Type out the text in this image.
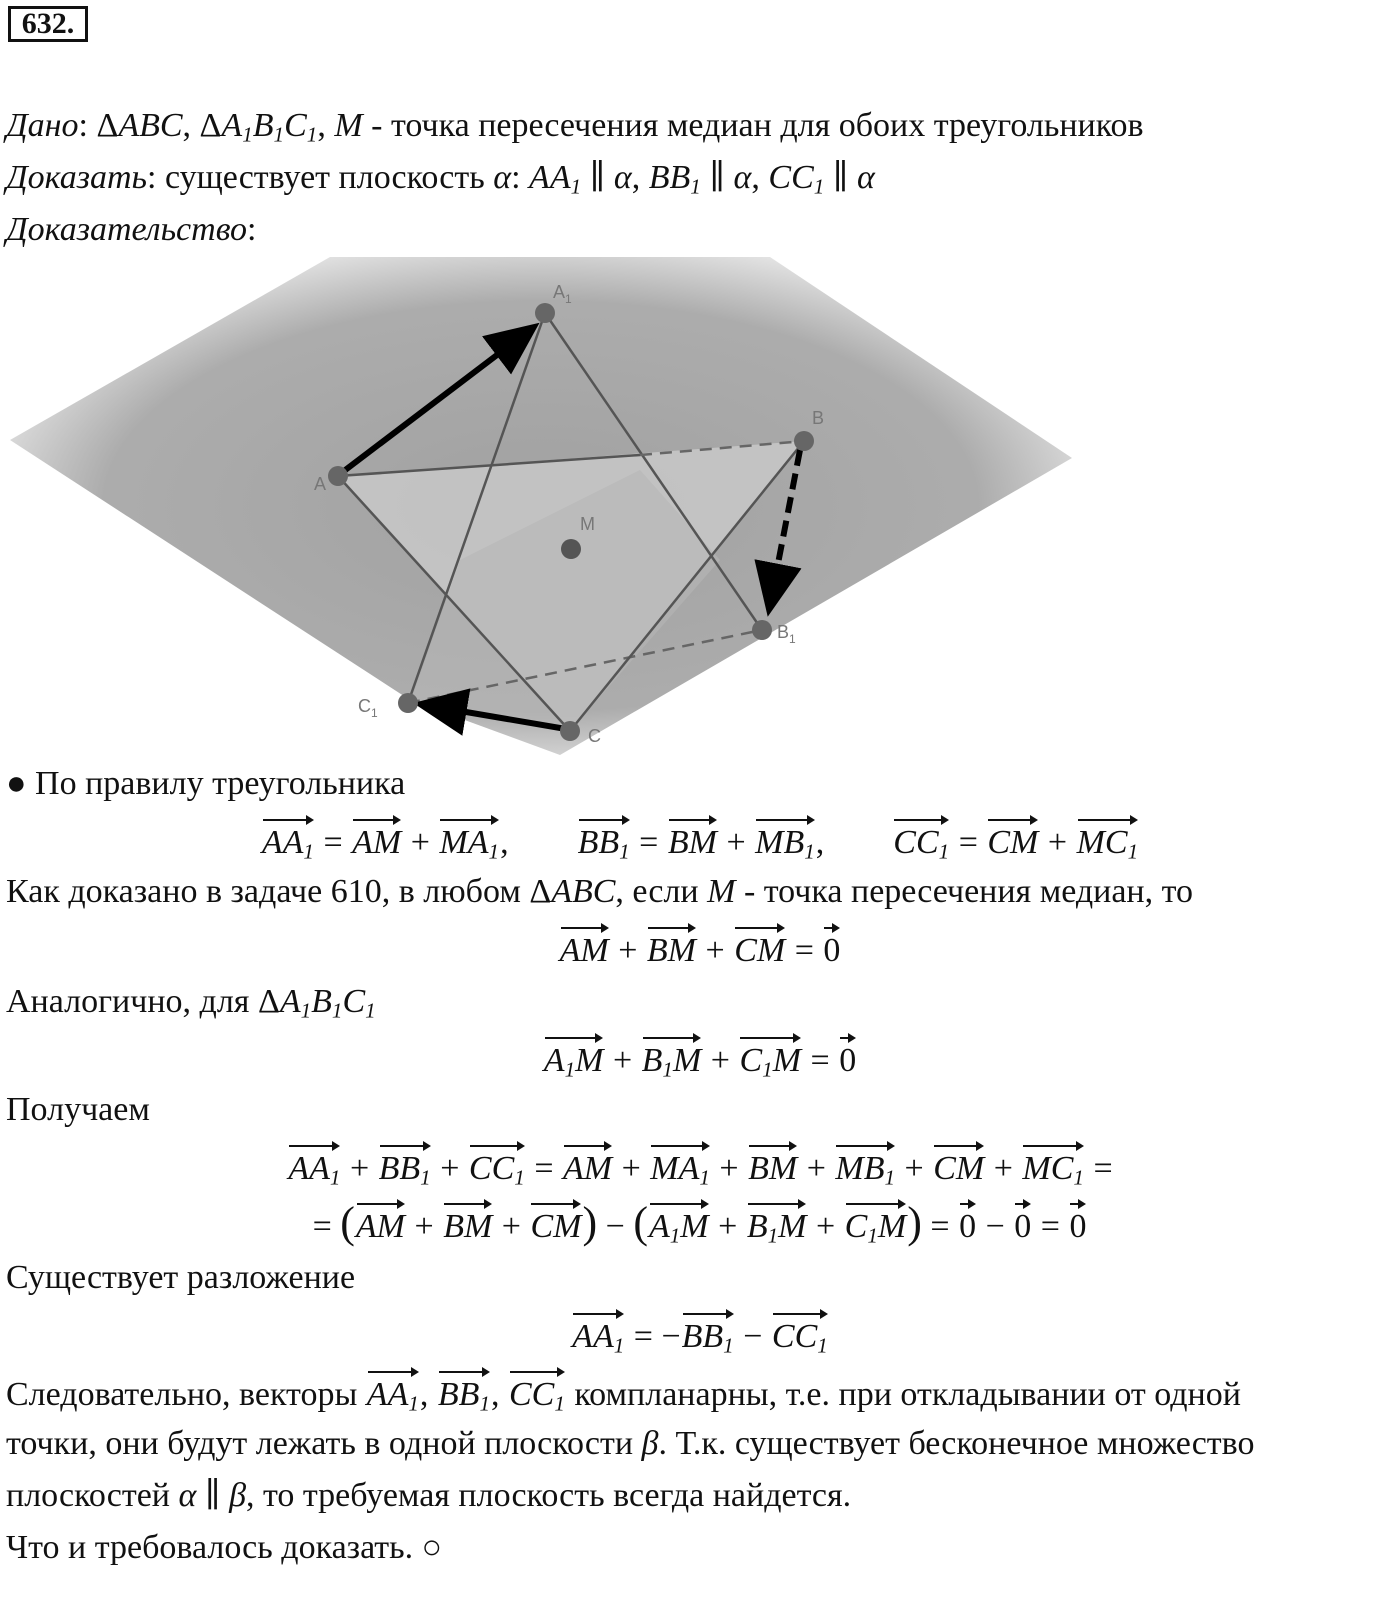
632.
Дано: ΔABC, $\Delta A_1B_1C_1$, M - точка пересечения медиан для обоих треугольников
Доказать: существует плоскость α: $AA_1$ ∥ α, $BB_1$ ∥ α, $CC_1$ ∥ α
Доказательство:
$A_1$
A
B
$B_1$
C
$C_1$
M
● По правилу треугольника
$AA_1$ = AM + $MA_1$,        $BB_1$ = BM + $MB_1$,        $CC_1$ = CM + $MC_1$
Как доказано в задаче 610, в любом ΔABC, если M - точка пересечения медиан, то
AM + BM + CM = 0
Аналогично, для $\Delta A_1B_1C_1$
$A_1M + B_1M + C_1M = 0$
Получаем
$AA_1 + BB_1 + CC_1$ = AM + $MA_1$ + BM + $MB_1$ + CM + $MC_1$ =
= (AM + BM + $CM) - (A_1M + B_1M + C_1M) = 0 - 0 = 0$
Существует разложение
$AA_1 = -BB_1 - CC_1$
Следовательно, векторы $AA_1$, $BB_1$, $CC_1$ компланарны, т.е. при откладывании от одной
точки, они будут лежать в одной плоскости β. Т.к. существует бесконечное множество
плоскостей α ∥ β, то требуемая плоскость всегда найдется.
Что и требовалось доказать. ○
